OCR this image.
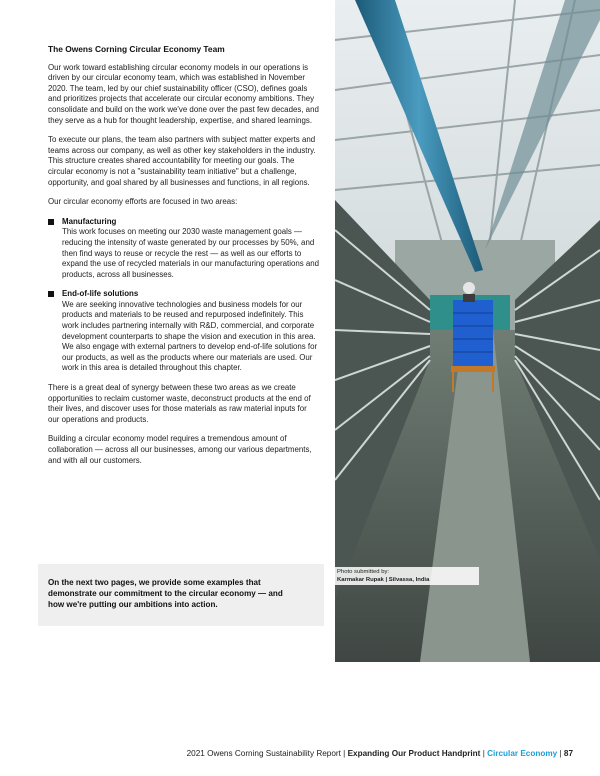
The Owens Corning Circular Economy Team

Our work toward establishing circular economy models in our operations is driven by our circular economy team, which was established in November 2020. The team, led by our chief sustainability officer (CSO), defines goals and prioritizes projects that accelerate our circular economy ambitions. They consolidate and build on the work we've done over the past few decades, and they serve as a hub for thought leadership, expertise, and shared learnings.

To execute our plans, the team also partners with subject matter experts and teams across our company, as well as other key stakeholders in the industry. This structure creates shared accountability for meeting our goals. The circular economy is not a "sustainability team initiative" but a challenge, opportunity, and goal shared by all businesses and functions, in all regions.

Our circular economy efforts are focused in two areas:

Manufacturing
This work focuses on meeting our 2030 waste management goals — reducing the intensity of waste generated by our processes by 50%, and then find ways to reuse or recycle the rest — as well as our efforts to expand the use of recycled materials in our manufacturing operations and products, across all businesses.
End-of-life solutions
We are seeking innovative technologies and business models for our products and materials to be reused and repurposed indefinitely. This work includes partnering internally with R&D, commercial, and corporate development counterparts to shape the vision and execution in this area. We also engage with external partners to develop end-of-life solutions for our products, as well as the products where our materials are used. Our work in this area is detailed throughout this chapter.

There is a great deal of synergy between these two areas as we create opportunities to reclaim customer waste, deconstruct products at the end of their lives, and discover uses for those materials as raw material inputs for our operations and products.

Building a circular economy model requires a tremendous amount of collaboration — across all our businesses, among our various departments, and with all our customers.

On the next two pages, we provide some examples that demonstrate our commitment to the circular economy — and how we're putting our ambitions into action.
Photo submitted by:
Karmakar Rupak | Silvassa, India
2021 Owens Corning Sustainability Report | Expanding Our Product Handprint | Circular Economy | 87
